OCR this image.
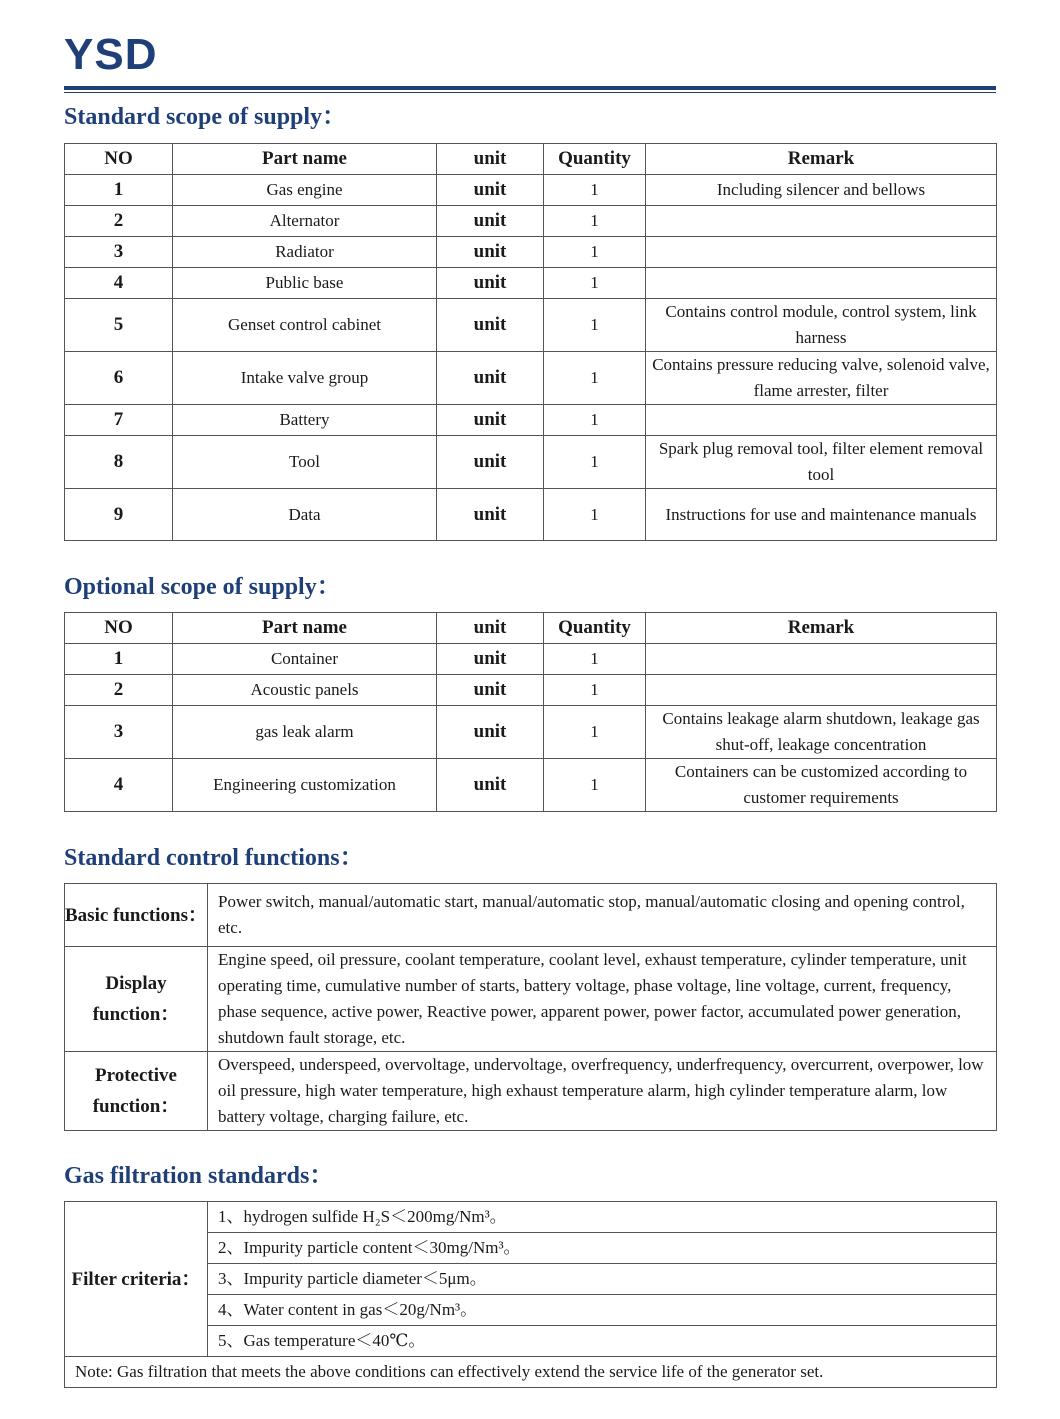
YSD
Standard scope of supply：
NO	Part name	unit	Quantity	Remark
1	Gas engine	unit	1	Including silencer and bellows
2	Alternator	unit	1	
3	Radiator	unit	1	
4	Public base	unit	1	
5	Genset control cabinet	unit	1	Contains control module, control system, link harness
6	Intake valve group	unit	1	Contains pressure reducing valve, solenoid valve, flame arrester, filter
7	Battery	unit	1	
8	Tool	unit	1	Spark plug removal tool, filter element removal tool
9	Data	unit	1	Instructions for use and maintenance manuals
Optional scope of supply：
NO	Part name	unit	Quantity	Remark
1	Container	unit	1	
2	Acoustic panels	unit	1	
3	gas leak alarm	unit	1	Contains leakage alarm shutdown, leakage gas shut-off, leakage concentration
4	Engineering customization	unit	1	Containers can be customized according to customer requirements
Standard control functions：
Basic functions：	Power switch, manual/automatic start, manual/automatic stop, manual/automatic closing and opening control, etc.
Display function：	Engine speed, oil pressure, coolant temperature, coolant level, exhaust temperature, cylinder temperature, unit operating time, cumulative number of starts, battery voltage, phase voltage, line voltage, current, frequency, phase sequence, active power, Reactive power, apparent power, power factor, accumulated power generation, shutdown fault storage, etc.
Protective function：	Overspeed, underspeed, overvoltage, undervoltage, overfrequency, underfrequency, overcurrent, overpower, low oil pressure, high water temperature, high exhaust temperature alarm, high cylinder temperature alarm, low battery voltage, charging failure, etc.
Gas filtration standards：
Filter criteria：	1、hydrogen sulfide H₂S＜200mg/Nm³。
2、Impurity particle content＜30mg/Nm³。
3、Impurity particle diameter＜5μm。
4、Water content in gas＜20g/Nm³。
5、Gas temperature＜40℃。
Note: Gas filtration that meets the above conditions can effectively extend the service life of the generator set.
